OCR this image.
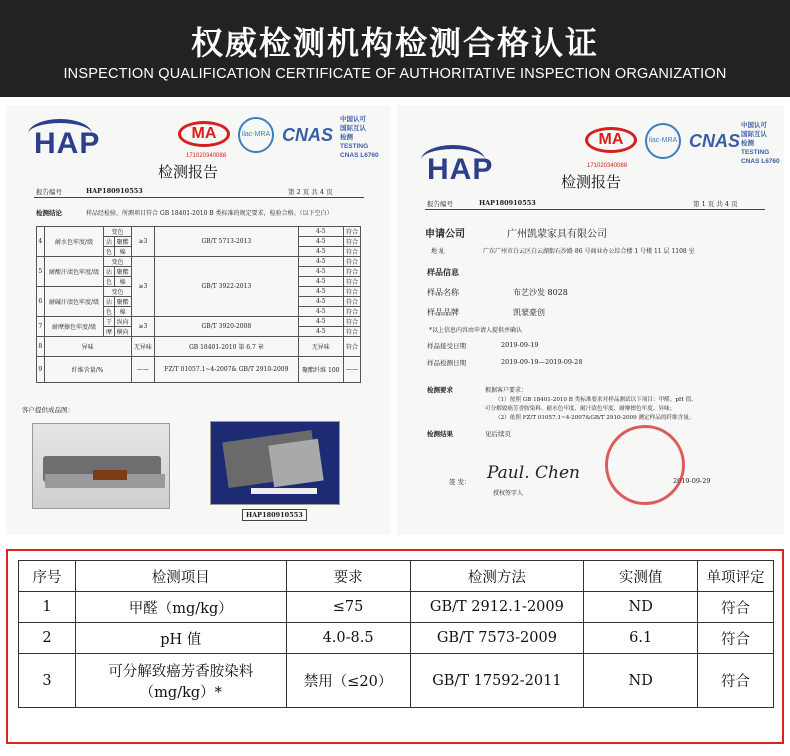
权威检测机构检测合格认证
INSPECTION QUALIFICATION CERTIFICATE OF AUTHORITATIVE INSPECTION ORGANIZATION
HAP	MA	ilac-MRA CNAS
中国认可
国际互认
检测
TESTING
CNAS L6760
171020340088
检测报告
报告编号	HAP180910553	第 2 页 共 4 页
检测结论	样品经检验，所测项目符合 GB 18401-2010 B 类标准的规定要求，检验合格。（以下空白）
4	耐水色牢度/级	变色		≥3	GB/T 5713-2013	4-5	符合
		沾	聚酯			4-5	符合
		色	棉			4-5	符合
5	耐酸汗渍色牢度/级	变色		≥3	GB/T 3922-2013	4-5	符合
		沾	聚酯			4-5	符合
		色	棉			4-5	符合
6	耐碱汗渍色牢度/级	变色				4-5	符合
		沾	聚酯			4-5	符合
		色	棉			4-5	符合
7	耐摩擦色牢度/级	干	纵向	≥3	GB/T 3920-2008	4-5	符合
		摩	横向			4-5	符合
8	异味			无异味	GB 18401-2010 第 6.7 章	无异味	符合
9	纤维含量/%			——	FZ/T 01057.1~4-2007& GB/T 2910-2009	聚酯纤维 100	——
客户提供成品图：
HAP180910553
HAP
MA	ilac-MRA CNAS
中国认可
国际互认
检测
TESTING
CNAS L6760
171020340088
检测报告
报告编号	HAP180910553	第 1 页 共 4 页
申请公司	广州凯蒙家具有限公司
地 址	广东广州市白云区白云湖街石沙路 86 号商业办公综合楼 1 号楼 11 层 1108 室
样品信息
样品名称	布艺沙发 8028
样品品牌	凯蒙豪创
*以上信息内容由申请人提供并确认
样品接受日期	2019-09-19
样品检测日期	2019-09-19—2019-09-28
检测要求	根据客户要求：
（1）按照 GB 18401-2010 B 类标准要求对样品测试以下项目：甲醛、pH 值、
可分解致癌芳香胺染料、耐水色牢度、耐汗渍色牢度、耐摩擦色牢度、异味；
（2）依照 FZ/T 01057.1~4-2007&GB/T 2910-2009 测定样品的纤维含量。
检测结果	见后续页
Paul. Chen
签 发：
授权签字人
2019-09-29
序号	检测项目	要求	检测方法	实测值	单项评定
1	甲醛（mg/kg）	≤75	GB/T 2912.1-2009	ND	符合
2	pH 值	4.0-8.5	GB/T 7573-2009	6.1	符合
3	可分解致癌芳香胺染料（mg/kg）*	禁用（≤20）	GB/T 17592-2011	ND	符合
